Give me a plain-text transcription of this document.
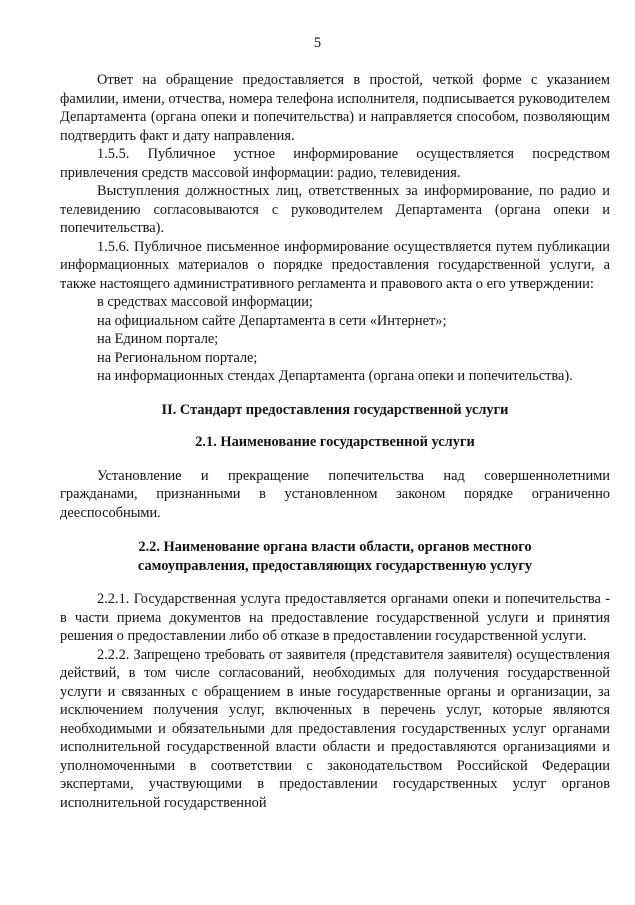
5

Ответ на обращение предоставляется в простой, четкой форме с указанием фамилии, имени, отчества, номера телефона исполнителя, подписывается руководителем Департамента (органа опеки и попечительства) и направляется способом, позволяющим подтвердить факт и дату направления.

1.5.5. Публичное устное информирование осуществляется посредством привлечения средств массовой информации: радио, телевидения.

Выступления должностных лиц, ответственных за информирование, по радио и телевидению согласовываются с руководителем Департамента (органа опеки и попечительства).

1.5.6. Публичное письменное информирование осуществляется путем публикации информационных материалов о порядке предоставления государственной услуги, а также настоящего административного регламента и правового акта о его утверждении:

в средствах массовой информации;

на официальном сайте Департамента в сети «Интернет»;

на Едином портале;

на Региональном портале;

на информационных стендах Департамента (органа опеки и попечительства).

II. Стандарт предоставления государственной услуги

2.1. Наименование государственной услуги

Установление и прекращение попечительства над совершеннолетними гражданами, признанными в установленном законом порядке ограниченно дееспособными.

2.2. Наименование органа власти области, органов местного

самоуправления, предоставляющих государственную услугу

2.2.1. Государственная услуга предоставляется органами опеки и попечительства - в части приема документов на предоставление государственной услуги и принятия решения о предоставлении либо об отказе в предоставлении государственной услуги.

2.2.2. Запрещено требовать от заявителя (представителя заявителя) осуществления действий, в том числе согласований, необходимых для получения государственной услуги и связанных с обращением в иные государственные органы и организации, за исключением получения услуг, включенных в перечень услуг, которые являются необходимыми и обязательными для предоставления государственных услуг органами исполнительной государственной власти области и предоставляются организациями и уполномоченными в соответствии с законодательством Российской Федерации экспертами, участвующими в предоставлении государственных услуг органов исполнительной государственной
